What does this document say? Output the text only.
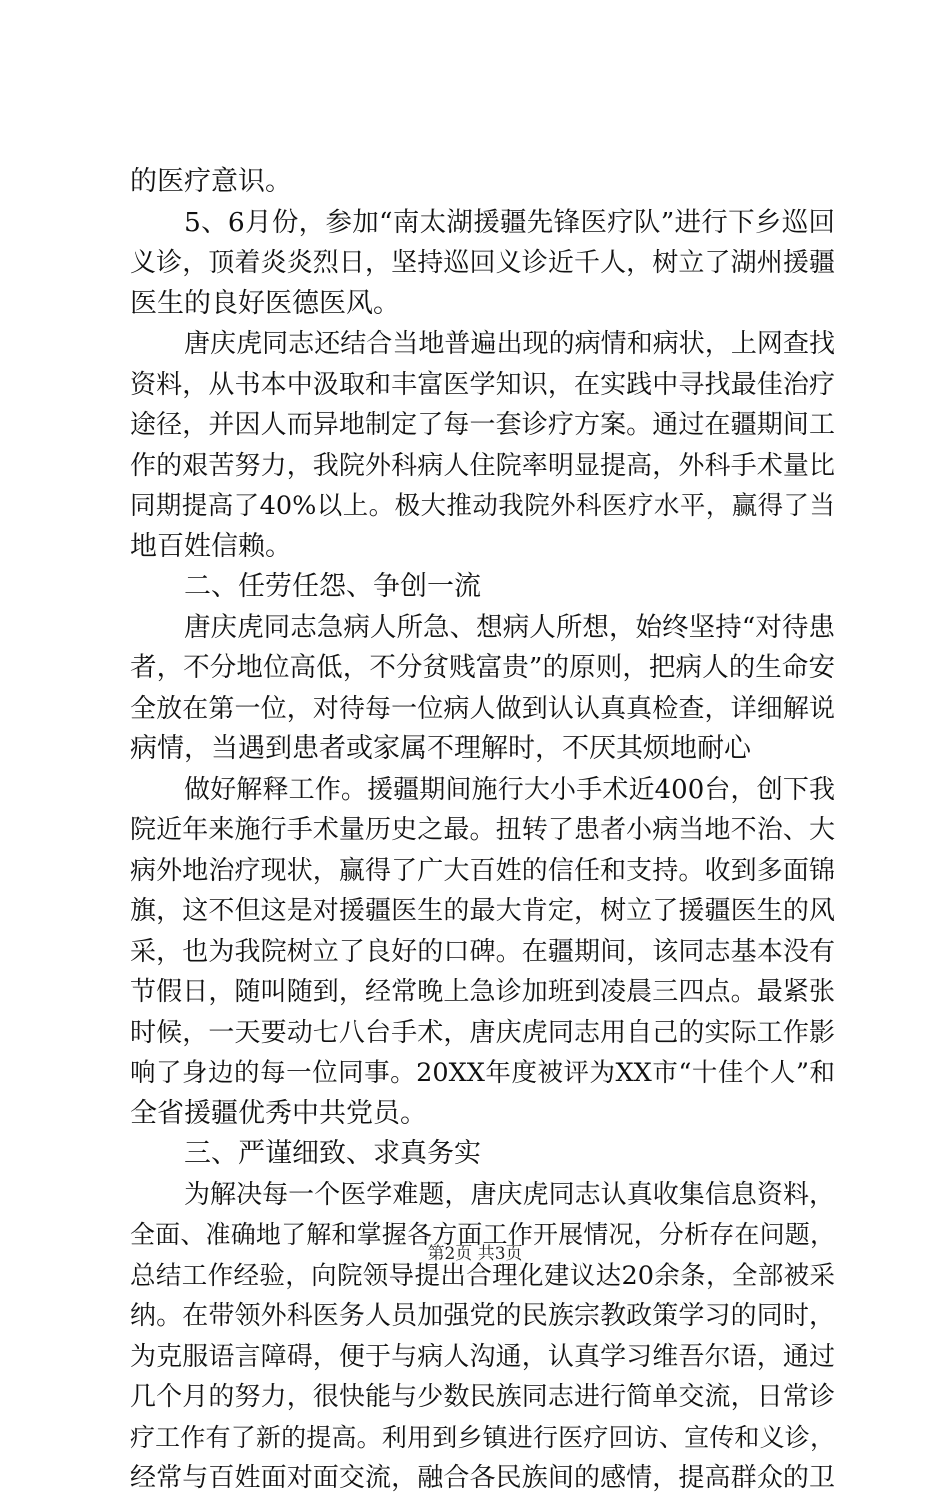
的医疗意识。
5、6月份，参加“南太湖援疆先锋医疗队”进行下乡巡回
义诊，顶着炎炎烈日，坚持巡回义诊近千人，树立了湖州援疆
医生的良好医德医风。
唐庆虎同志还结合当地普遍出现的病情和病状，上网查找
资料，从书本中汲取和丰富医学知识，在实践中寻找最佳治疗
途径，并因人而异地制定了每一套诊疗方案。通过在疆期间工
作的艰苦努力，我院外科病人住院率明显提高，外科手术量比
同期提高了40%以上。极大推动我院外科医疗水平，赢得了当
地百姓信赖。
二、任劳任怨、争创一流
唐庆虎同志急病人所急、想病人所想，始终坚持“对待患
者，不分地位高低，不分贫贱富贵”的原则，把病人的生命安
全放在第一位，对待每一位病人做到认认真真检查，详细解说
病情，当遇到患者或家属不理解时，不厌其烦地耐心
做好解释工作。援疆期间施行大小手术近400台，创下我
院近年来施行手术量历史之最。扭转了患者小病当地不治、大
病外地治疗现状，赢得了广大百姓的信任和支持。收到多面锦
旗，这不但这是对援疆医生的最大肯定，树立了援疆医生的风
采，也为我院树立了良好的口碑。在疆期间，该同志基本没有
节假日，随叫随到，经常晚上急诊加班到凌晨三四点。最紧张
时候，一天要动七八台手术，唐庆虎同志用自己的实际工作影
响了身边的每一位同事。20XX年度被评为XX市“十佳个人”和
全省援疆优秀中共党员。
三、严谨细致、求真务实
为解决每一个医学难题，唐庆虎同志认真收集信息资料，
全面、准确地了解和掌握各方面工作开展情况，分析存在问题，
总结工作经验，向院领导提出合理化建议达20余条，全部被采
纳。在带领外科医务人员加强党的民族宗教政策学习的同时，
为克服语言障碍，便于与病人沟通，认真学习维吾尔语，通过
几个月的努力，很快能与少数民族同志进行简单交流，日常诊
疗工作有了新的提高。利用到乡镇进行医疗回访、宣传和义诊，
经常与百姓面对面交流，融合各民族间的感情，提高群众的卫
第2页 共3页
